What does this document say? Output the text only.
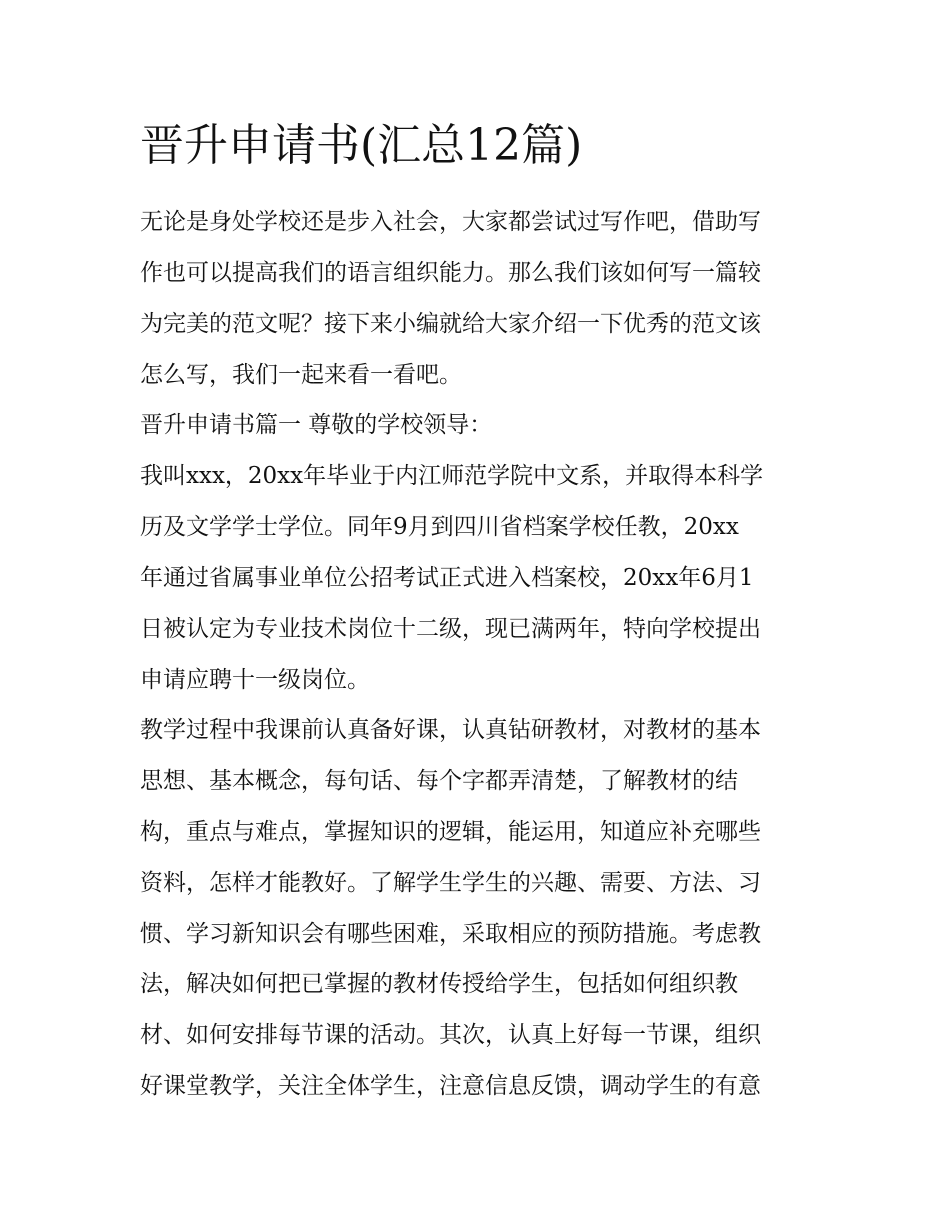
晋升申请书(汇总12篇)

无论是身处学校还是步入社会，大家都尝试过写作吧，借助写

作也可以提高我们的语言组织能力。那么我们该如何写一篇较

为完美的范文呢？接下来小编就给大家介绍一下优秀的范文该

怎么写，我们一起来看一看吧。

晋升申请书篇一 尊敬的学校领导：

我叫xxx，20xx年毕业于内江师范学院中文系，并取得本科学

历及文学学士学位。同年9月到四川省档案学校任教，20xx

年通过省属事业单位公招考试正式进入档案校，20xx年6月1

日被认定为专业技术岗位十二级，现已满两年，特向学校提出

申请应聘十一级岗位。

教学过程中我课前认真备好课，认真钻研教材，对教材的基本

思想、基本概念，每句话、每个字都弄清楚，了解教材的结

构，重点与难点，掌握知识的逻辑，能运用，知道应补充哪些

资料，怎样才能教好。了解学生学生的兴趣、需要、方法、习

惯、学习新知识会有哪些困难，采取相应的预防措施。考虑教

法，解决如何把已掌握的教材传授给学生，包括如何组织教

材、如何安排每节课的活动。其次，认真上好每一节课，组织

好课堂教学，关注全体学生，注意信息反馈，调动学生的有意
